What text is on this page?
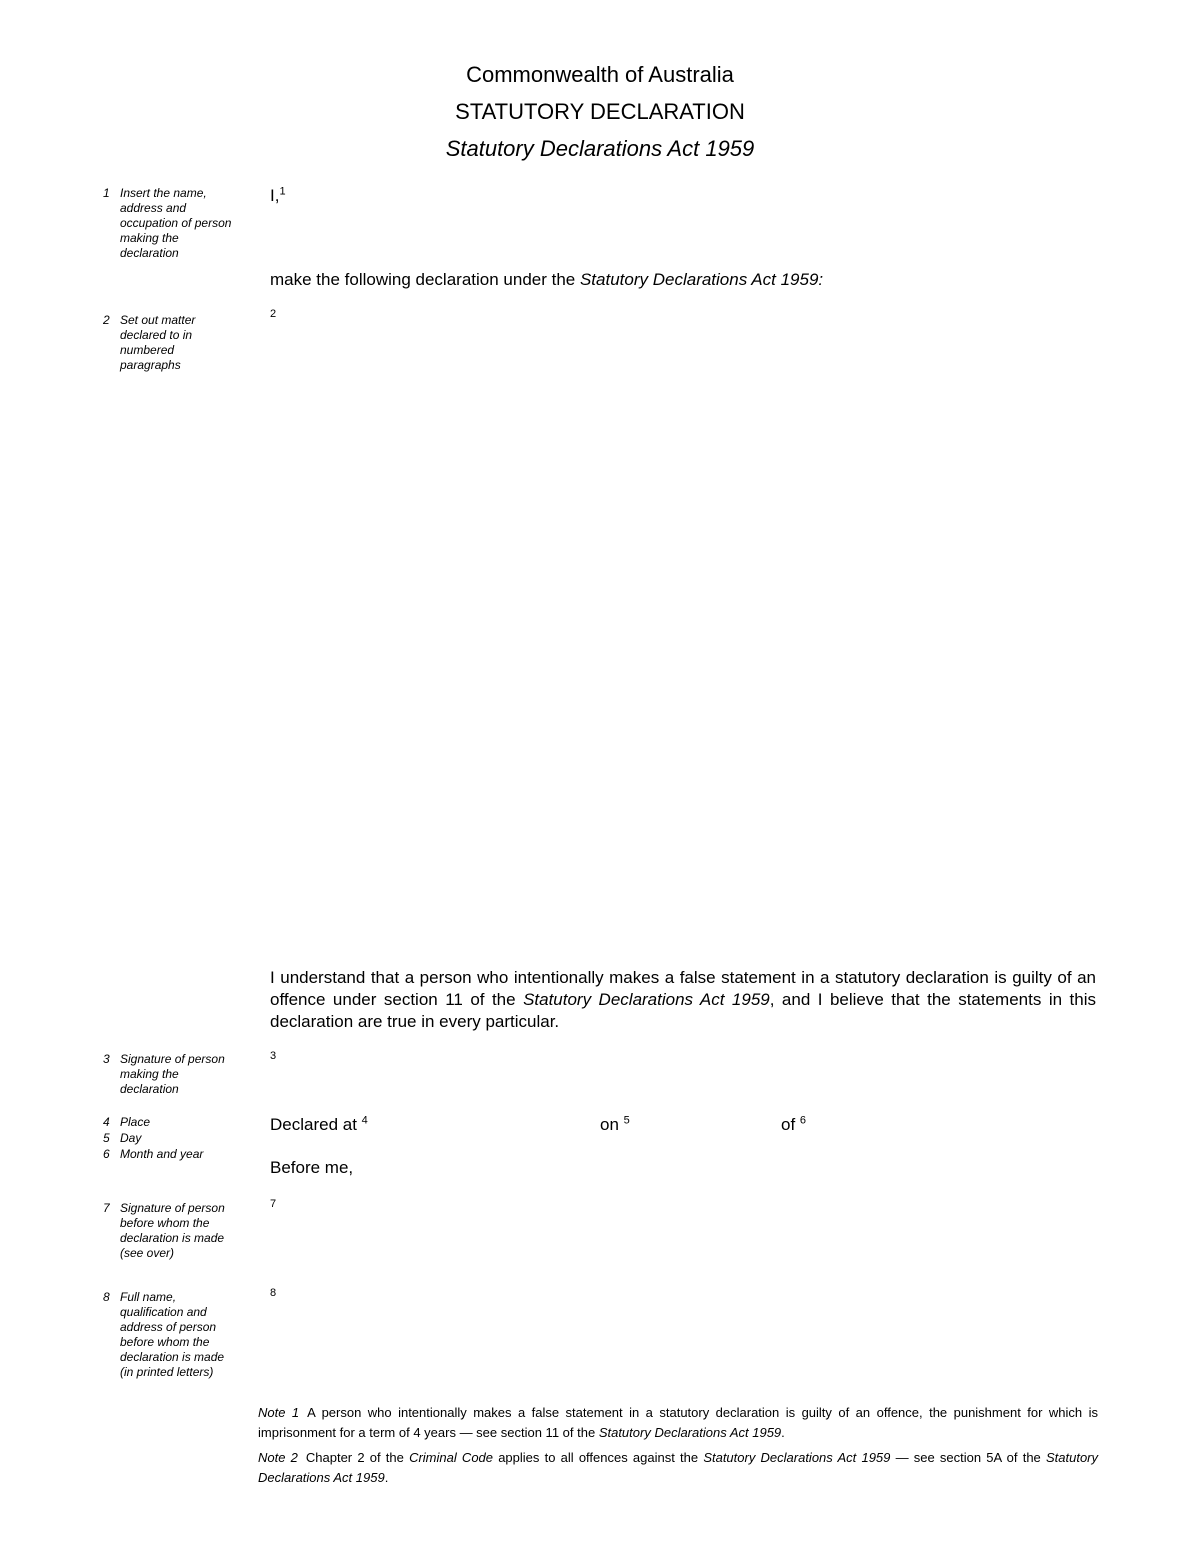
Commonwealth of Australia
STATUTORY DECLARATION
Statutory Declarations Act 1959
1 Insert the name, address and occupation of person making the declaration
I,$^1$
make the following declaration under the Statutory Declarations Act 1959:
2 Set out matter declared to in numbered paragraphs
2
I understand that a person who intentionally makes a false statement in a statutory declaration is guilty of an offence under section 11 of the Statutory Declarations Act 1959, and I believe that the statements in this declaration are true in every particular.
3 Signature of person making the declaration
3
4 Place
5 Day
6 Month and year
Declared at $^4$	on $^5$	of $^6$
Before me,
7 Signature of person before whom the declaration is made (see over)
7
8 Full name, qualification and address of person before whom the declaration is made (in printed letters)
8
Note 1 A person who intentionally makes a false statement in a statutory declaration is guilty of an offence, the punishment for which is imprisonment for a term of 4 years — see section 11 of the Statutory Declarations Act 1959.
Note 2 Chapter 2 of the Criminal Code applies to all offences against the Statutory Declarations Act 1959 — see section 5A of the Statutory Declarations Act 1959.
